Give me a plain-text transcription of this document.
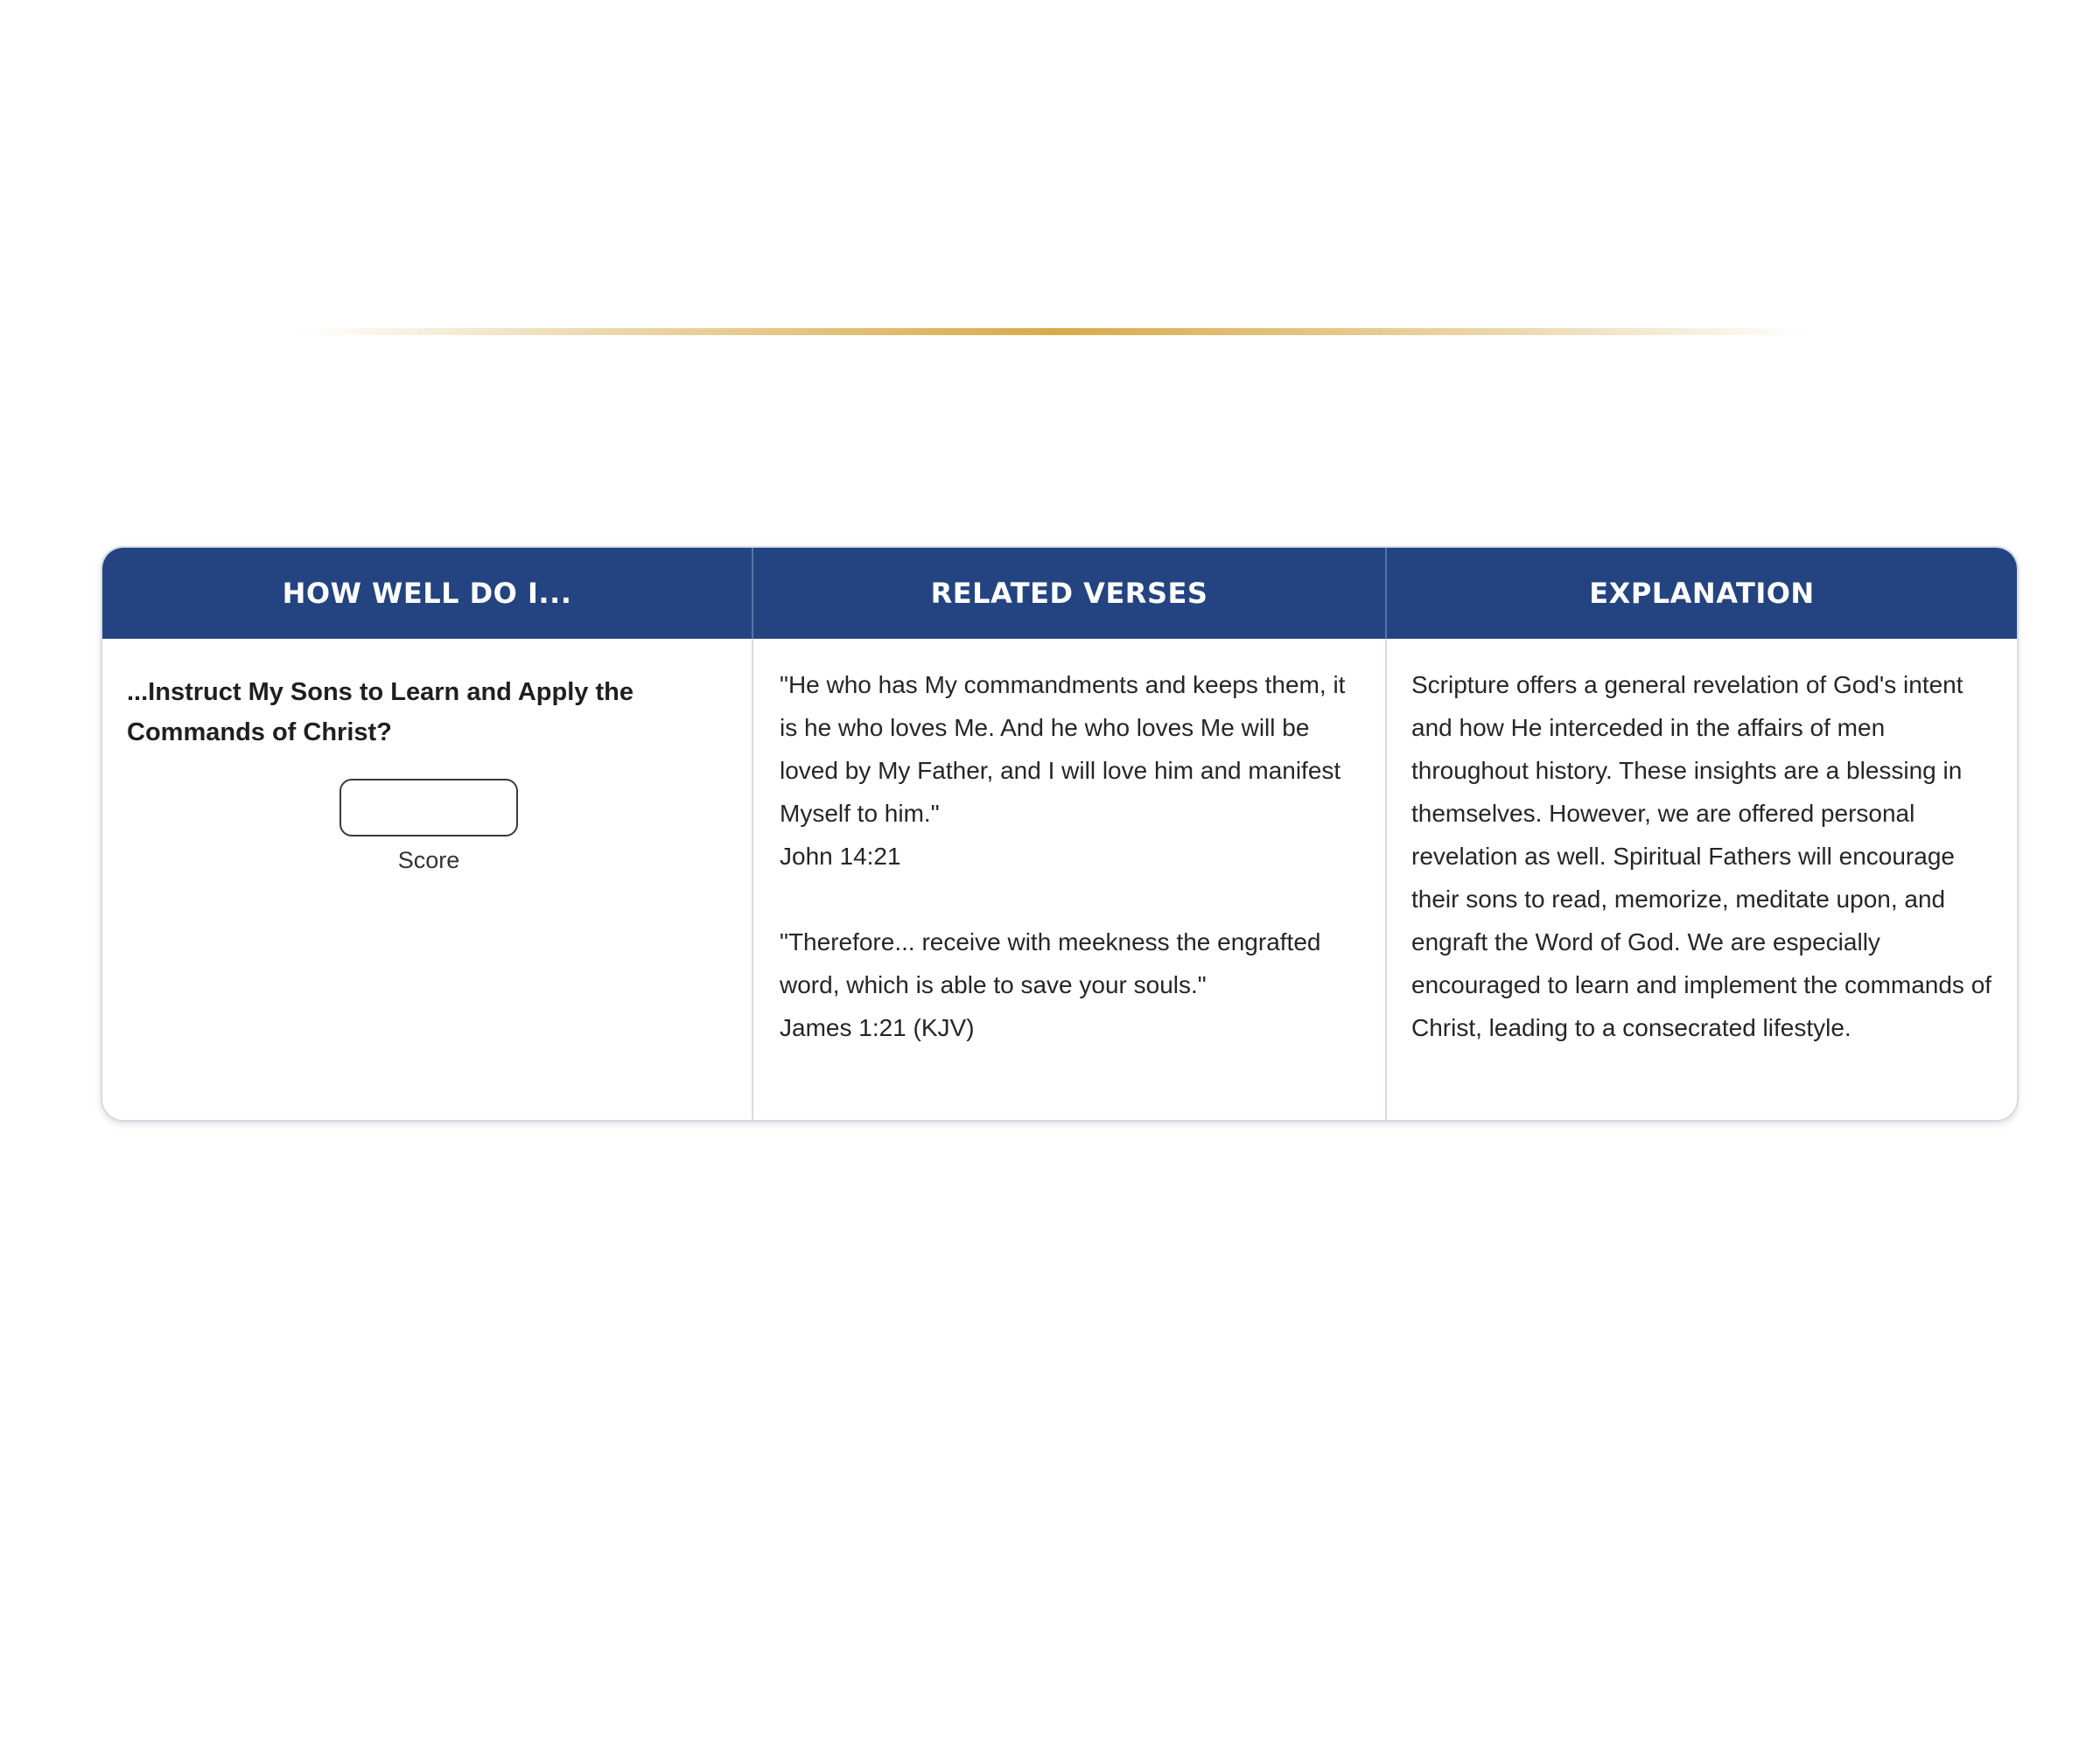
HOW WELL DO I...	RELATED VERSES	EXPLANATION
...Instruct My Sons to Learn and Apply the Commands of Christ?
Score

"He who has My commandments and keeps them, it is he who loves Me. And he who loves Me will be loved by My Father, and I will love him and manifest Myself to him."
John 14:21

"Therefore... receive with meekness the engrafted word, which is able to save your souls."
James 1:21 (KJV)

Scripture offers a general revelation of God's intent and how He interceded in the affairs of men throughout history. These insights are a blessing in themselves. However, we are offered personal revelation as well. Spiritual Fathers will encourage their sons to read, memorize, meditate upon, and engraft the Word of God. We are especially encouraged to learn and implement the commands of Christ, leading to a consecrated lifestyle.
